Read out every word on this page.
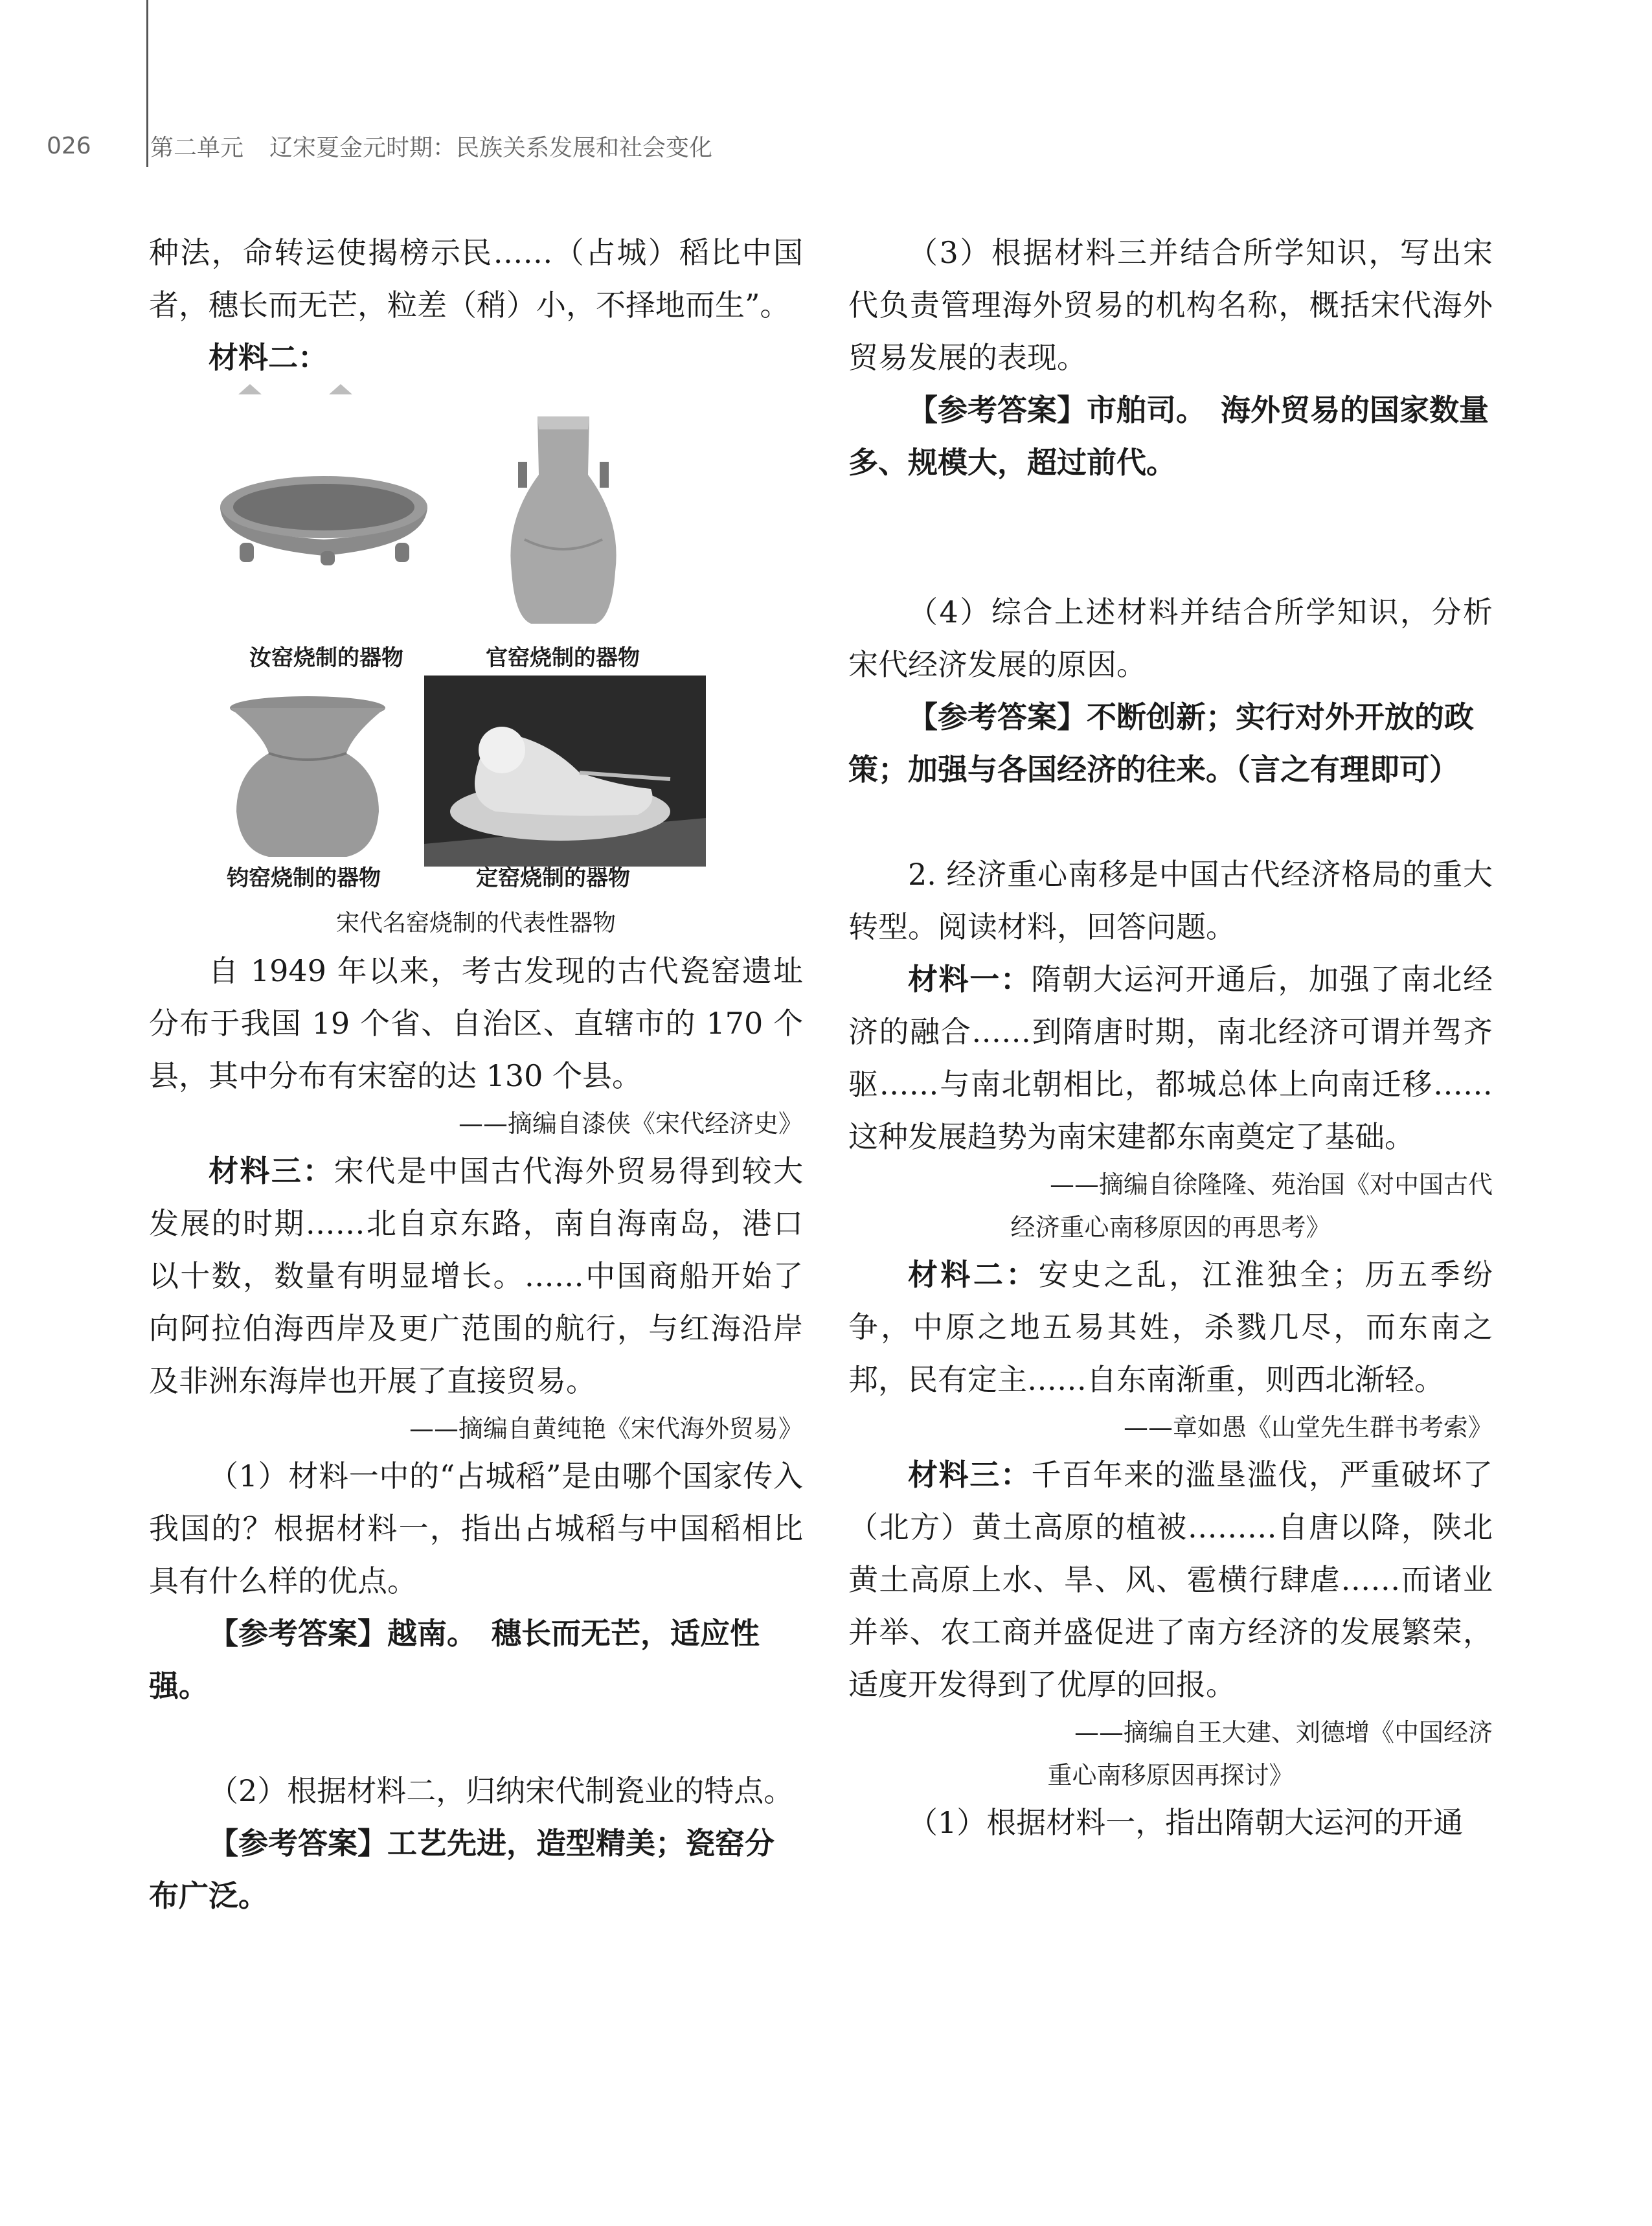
026	第二单元 辽宋夏金元时期：民族关系发展和社会变化

种法，命转运使揭榜示民……（占城）稻比中国者，穗长而无芒，粒差（稍）小，不择地而生”。

材料二：
汝窑烧制的器物	官窑烧制的器物
钧窑烧制的器物	定窑烧制的器物

宋代名窑烧制的代表性器物

自 1949 年以来，考古发现的古代瓷窑遗址分布于我国 19 个省、自治区、直辖市的 170 个县，其中分布有宋窑的达 130 个县。

——摘编自漆侠《宋代经济史》

材料三：宋代是中国古代海外贸易得到较大发展的时期……北自京东路，南自海南岛，港口以十数，数量有明显增长。……中国商船开始了向阿拉伯海西岸及更广范围的航行，与红海沿岸及非洲东海岸也开展了直接贸易。

——摘编自黄纯艳《宋代海外贸易》

（1）材料一中的“占城稻”是由哪个国家传入我国的？根据材料一，指出占城稻与中国稻相比具有什么样的优点。

【参考答案】越南。　穗长而无芒，适应性强。

（2）根据材料二，归纳宋代制瓷业的特点。

【参考答案】工艺先进，造型精美；瓷窑分布广泛。

（3）根据材料三并结合所学知识，写出宋代负责管理海外贸易的机构名称，概括宋代海外贸易发展的表现。

【参考答案】市舶司。　海外贸易的国家数量多、规模大，超过前代。

（4）综合上述材料并结合所学知识，分析宋代经济发展的原因。

【参考答案】不断创新；实行对外开放的政策；加强与各国经济的往来。（言之有理即可）

2. 经济重心南移是中国古代经济格局的重大转型。阅读材料，回答问题。

材料一：隋朝大运河开通后，加强了南北经济的融合……到隋唐时期，南北经济可谓并驾齐驱……与南北朝相比，都城总体上向南迁移……这种发展趋势为南宋建都东南奠定了基础。

——摘编自徐隆隆、苑治国《对中国古代

经济重心南移原因的再思考》

材料二：安史之乱，江淮独全；历五季纷争，中原之地五易其姓，杀戮几尽，而东南之邦，民有定主……自东南渐重，则西北渐轻。

——章如愚《山堂先生群书考索》

材料三：千百年来的滥垦滥伐，严重破坏了（北方）黄土高原的植被………自唐以降，陕北黄土高原上水、旱、风、雹横行肆虐……而诸业并举、农工商并盛促进了南方经济的发展繁荣，适度开发得到了优厚的回报。

——摘编自王大建、刘德增《中国经济

重心南移原因再探讨》

（1）根据材料一，指出隋朝大运河的开通
